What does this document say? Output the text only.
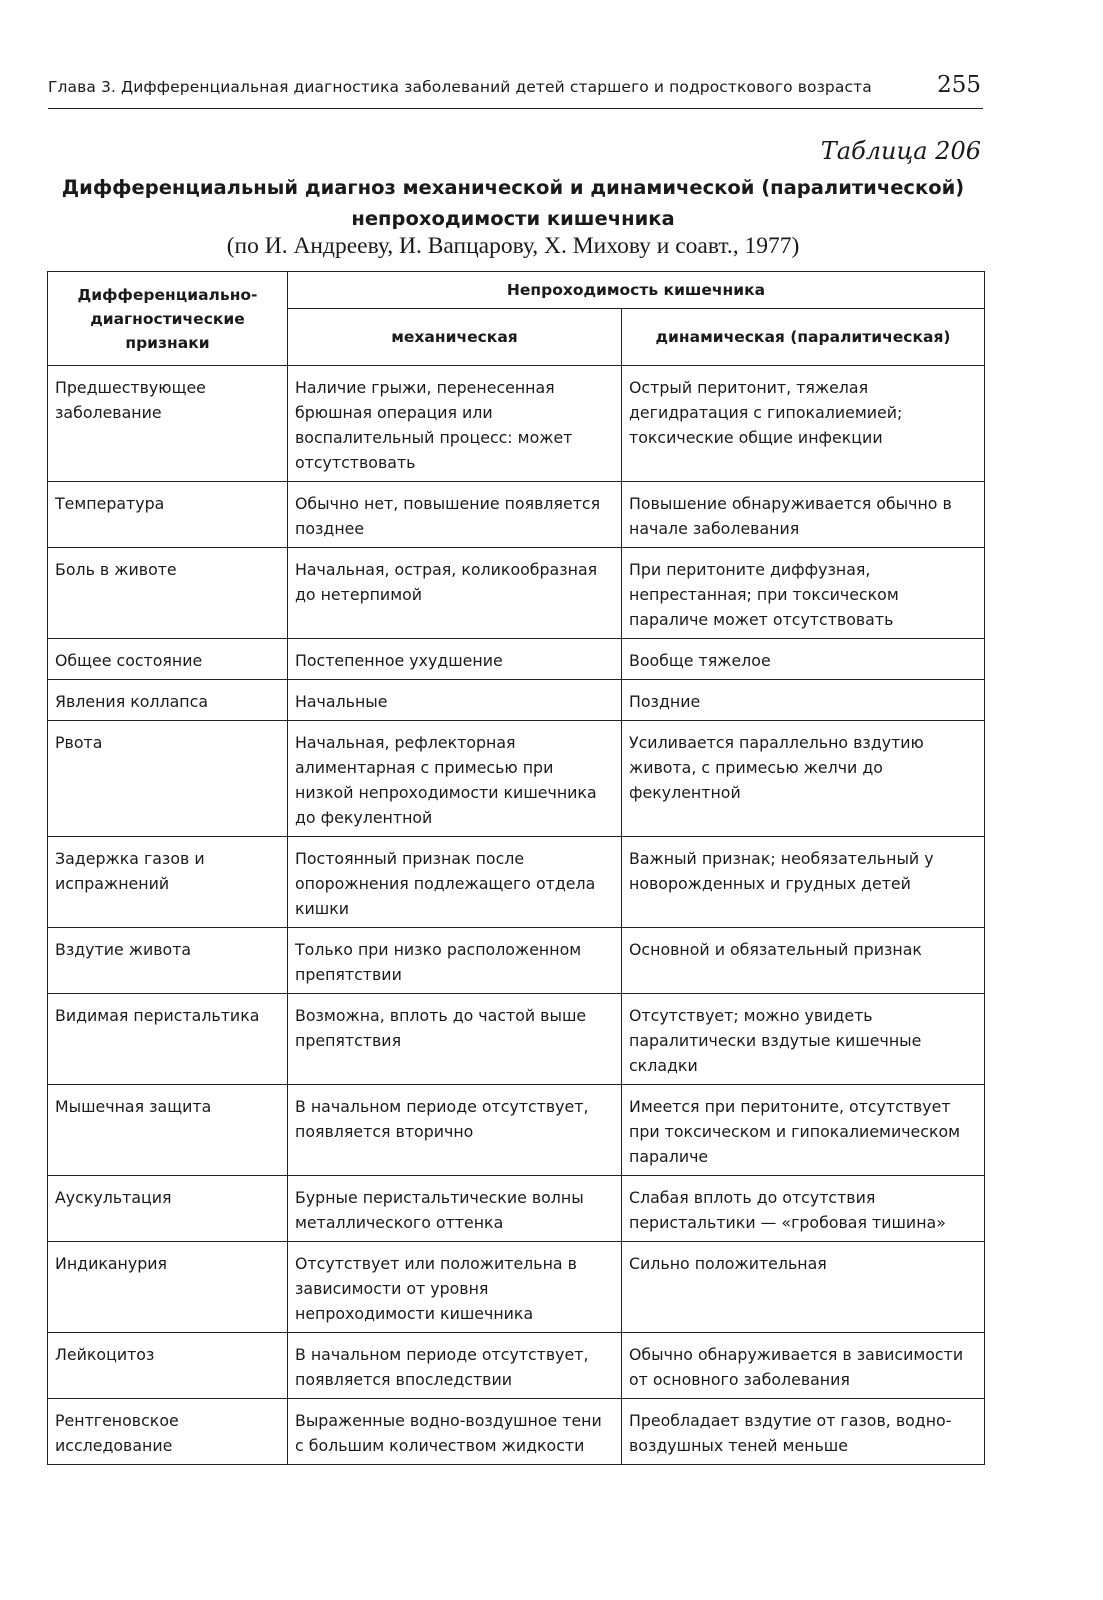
Глава 3. Дифференциальная диагностика заболеваний детей старшего и подросткового возраста	255
Таблица 206
Дифференциальный диагноз механической и динамической (паралитической)
непроходимости кишечника
(по И. Андрееву, И. Вапцарову, Х. Михову и соавт., 1977)
Дифференциально-диагностические признаки	Непроходимость кишечника	
	механическая	динамическая (паралитическая)
Предшествующее заболевание	Наличие грыжи, перенесенная брюшная операция или воспалительный процесс: может отсутствовать	Острый перитонит, тяжелая дегидратация с гипокалиемией; токсические общие инфекции
Температура	Обычно нет, повышение появляется позднее	Повышение обнаруживается обычно в начале заболевания
Боль в животе	Начальная, острая, коликообразная до нетерпимой	При перитоните диффузная, непрестанная; при токсическом параличе может отсутствовать
Общее состояние	Постепенное ухудшение	Вообще тяжелое
Явления коллапса	Начальные	Поздние
Рвота	Начальная, рефлекторная алиментарная с примесью при низкой непроходимости кишечника до фекулентной	Усиливается параллельно вздутию живота, с примесью желчи до фекулентной
Задержка газов и испражнений	Постоянный признак после опорожнения подлежащего отдела кишки	Важный признак; необязательный у новорожденных и грудных детей
Вздутие живота	Только при низко расположенном препятствии	Основной и обязательный признак
Видимая перистальтика	Возможна, вплоть до частой выше препятствия	Отсутствует; можно увидеть паралитически вздутые кишечные складки
Мышечная защита	В начальном периоде отсутствует, появляется вторично	Имеется при перитоните, отсутствует при токсическом и гипокалиемическом параличе
Аускультация	Бурные перистальтические волны металлического оттенка	Слабая вплоть до отсутствия перистальтики — «гробовая тишина»
Индиканурия	Отсутствует или положительна в зависимости от уровня непроходимости кишечника	Сильно положительная
Лейкоцитоз	В начальном периоде отсутствует, появляется впоследствии	Обычно обнаруживается в зависимости от основного заболевания
Рентгеновское исследование	Выраженные водно-воздушное тени с большим количеством жидкости	Преобладает вздутие от газов, водно-воздушных теней меньше
